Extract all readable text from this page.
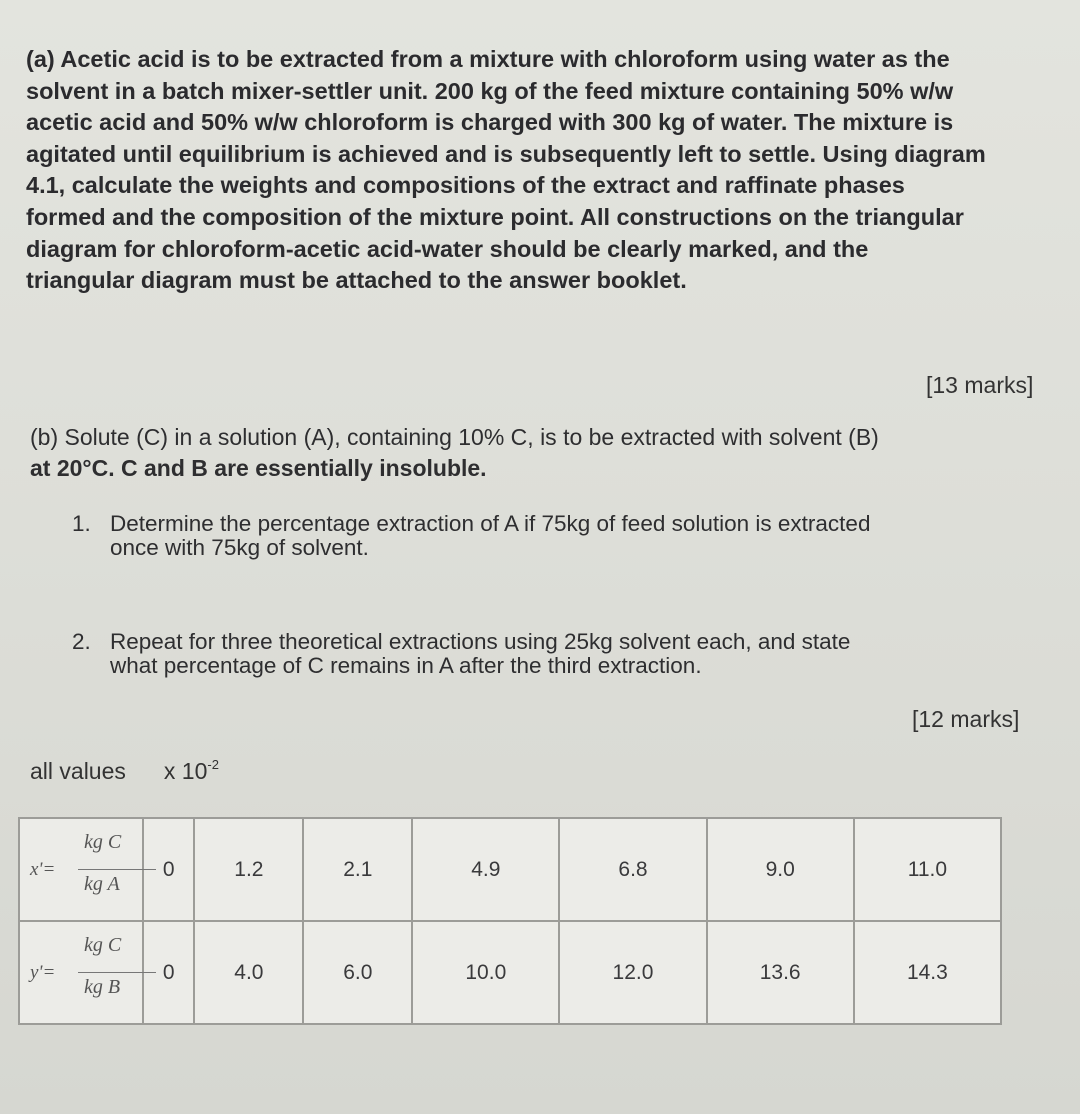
(a) Acetic acid is to be extracted from a mixture with chloroform using water as the
solvent in a batch mixer-settler unit. 200 kg of the feed mixture containing 50% w/w
acetic acid and 50% w/w chloroform is charged with 300 kg of water. The mixture is
agitated until equilibrium is achieved and is subsequently left to settle. Using diagram
4.1, calculate the weights and compositions of the extract and raffinate phases
formed and the composition of the mixture point. All constructions on the triangular
diagram for chloroform-acetic acid-water should be clearly marked, and the
triangular diagram must be attached to the answer booklet.
[13 marks]
(b) Solute (C) in a solution (A), containing 10% C, is to be extracted with solvent (B)
at 20°C. C and B are essentially insoluble.
1. Determine the percentage extraction of A if 75kg of feed solution is extracted
once with 75kg of solvent.
2. Repeat for three theoretical extractions using 25kg solvent each, and state
what percentage of C remains in A after the third extraction.
[12 marks]
all values x $10^{-2}$
x'=
kg C
kg A	0	1.2	2.1	4.9	6.8	9.0	11.0

y'=
kg C
kg B	0	4.0	6.0	10.0	12.0	13.6	14.3
